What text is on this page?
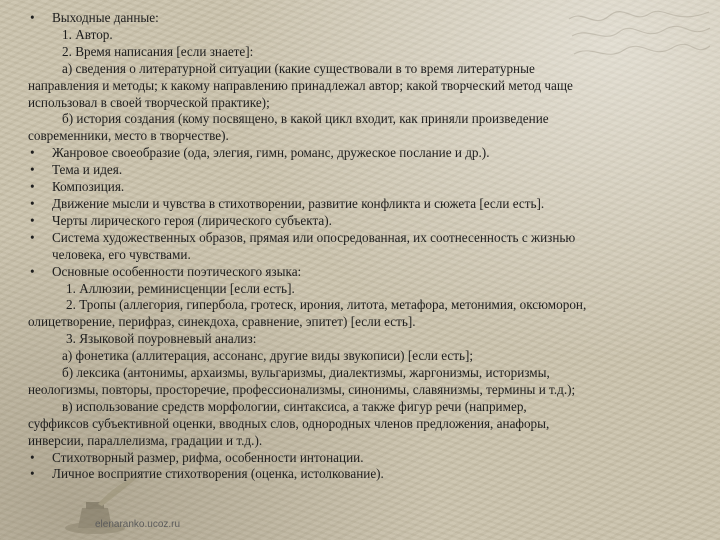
• Выходные данные:
1. Автор.
2. Время написания [если знаете]:
а) сведения о литературной ситуации (какие существовали в то время литературные
направления и методы; к какому направлению принадлежал автор; какой творческий метод чаще
использовал в своей творческой практике);
б) история создания (кому посвящено, в какой цикл входит, как приняли произведение
современники, место в творчестве).
• Жанровое своеобразие (ода, элегия, гимн, романс, дружеское послание и др.).
• Тема и идея.
• Композиция.
• Движение мысли и чувства в стихотворении, развитие конфликта и сюжета [если есть].
• Черты лирического героя (лирического субъекта).
• Система художественных образов, прямая или опосредованная, их соотнесенность с жизнью
человека, его чувствами.
• Основные особенности поэтического языка:
1. Аллюзии, реминисценции [если есть].
2. Тропы (аллегория, гипербола, гротеск, ирония, литота, метафора, метонимия, оксюморон,
олицетворение, перифраз, синекдоха, сравнение, эпитет) [если есть].
3. Языковой поуровневый анализ:
а) фонетика (аллитерация, ассонанс, другие виды звукописи) [если есть];
б) лексика (антонимы, архаизмы, вульгаризмы, диалектизмы, жаргонизмы, историзмы,
неологизмы, повторы, просторечие, профессионализмы, синонимы, славянизмы, термины и т.д.);
в) использование средств морфологии, синтаксиса, а также фигур речи (например,
суффиксов субъективной оценки, вводных слов, однородных членов предложения, анафоры,
инверсии, параллелизма, градации и т.д.).
• Стихотворный размер, рифма, особенности интонации.
• Личное восприятие стихотворения (оценка, истолкование).
elenaranko.ucoz.ru
